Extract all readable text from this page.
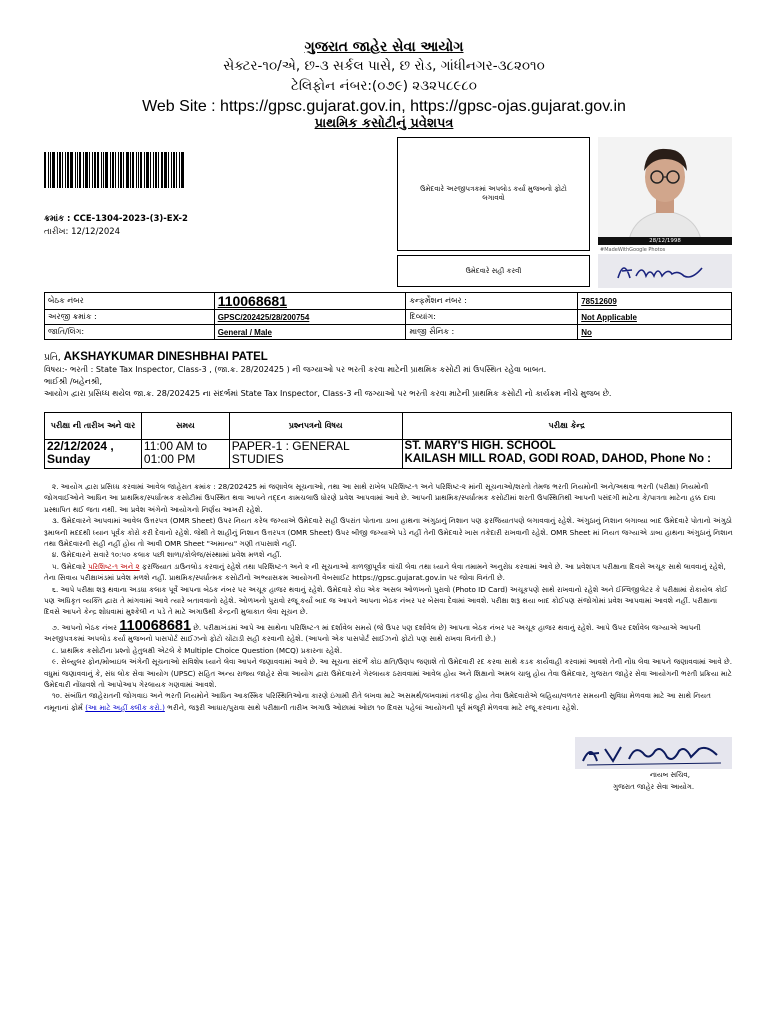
ગુજરાત જાહેર સેવા આયોગ
સેક્ટર-૧૦/એ, છ-૩ સર્કલ પાસે, છ રોડ, ગાંધીનગર-૩૮૨૦૧૦
ટેલિફોન નંબર:(૦૭૯) ૨૩૨૫૮૯૮૦
Web Site : https://gpsc.gujarat.gov.in, https://gpsc-ojas.gujarat.gov.in
પ્રાથમિક કસોટીનું પ્રવેશપત્ર
ક્રમાંક : CCE-1304-2023-(3)-EX-2
તારીખ: 12/12/2024
ઉમેદવારે અરજીપત્રકમાં અપલોડ કર્યા મુજબનો ફોટો લગાવવો
ઉમેદવારે સહી કરવી
28/12/1998
#MadeWithGoogle Photos
બેઠક નંબર	110068681	કન્ફર્મેશન નંબર :	78512609
અરજી ક્રમાંક :	GPSC/202425/28/200754	દિવ્યાંગ:	Not Applicable
જાતિ/લિંગ:	General / Male	માજી સૈનિક :	No
પ્રતિ, AKSHAYKUMAR DINESHBHAI PATEL
વિષય:- ભરતી : State Tax Inspector, Class-3 , (જા.ક્ર. 28/202425 ) ની જગ્યાઓ પર ભરતી કરવા માટેની પ્રાથમિક કસોટી માં ઉપસ્થિત રહેવા બાબત.
ભાઈશ્રી /બહેનશ્રી,
આયોગ દ્વારા પ્રસિધ્ધ થયેલ જા.ક્ર. 28/202425 ના સંદર્ભમાં State Tax Inspector, Class-3 ની જગ્યાઓ પર ભરતી કરવા માટેની પ્રાથમિક કસોટી નો કાર્યક્રમ નીચે મુજબ છે.
પરીક્ષા ની તારીખ અને વાર	સમય	પ્રશ્નપત્રનો વિષય	પરીક્ષા કેન્દ્ર
22/12/2024 , Sunday	11:00 AM to 01:00 PM	PAPER-1 : GENERAL STUDIES	ST. MARY'S HIGH. SCHOOL
KAILASH MILL ROAD, GODI ROAD, DAHOD, Phone No :

૨. આયોગ દ્વારા પ્રસિધ્ધ કરવામાં આવેલ જાહેરાત ક્રમાંક : 28/202425 માં જણાવેલ સૂચનાઓ, તથા આ સાથે રાખેલ પરિશિષ્ટ-૧ અને પરિશિષ્ટ-૨ માંની સૂચનાઓ/શરતો તેમજ ભરતી નિયમોની અને/અથવા ભરતી (પરીક્ષા) નિયમોની જોગવાઈઓને આધિન આ પ્રાથમિક/સ્પર્ધાત્મક કસોટીમાં ઉપસ્થિત થવા આપને તદ્દન કામચલાઉ ધોરણે પ્રવેશ આપવામાં આવે છે. આપની પ્રાથમિક/સ્પર્ધાત્મક કસોટીમાં શરતી ઉપસ્થિતિથી આપની પસંદગી માટેના કે/પાત્રતા માટેના હક્ક દાવા પ્રસ્થાપિત થઈ જતા નથી. આ પ્રવેશ અંગેનો આયોગનો નિર્ણય આખરી રહેશે.

૩. ઉમેદવારને આપવામાં આવેલ ઉત્તરપત્ર (OMR Sheet) ઉપર નિયત કરેલ જગ્યાએ ઉમેદવારે સહી ઉપરાંત પોતાના ડાબા હાથના અંગુઠાનું નિશાન પણ ફરજિયાતપણે લગાવવાનું રહેશે. અંગુઠાનું નિશાન લગાવ્યા બાદ ઉમેદવારે પોતાનો અંગુઠો રૂમાલની મદદથી ધ્યાન પૂર્વક કોરો કરી દેવાનો રહેશે. જેથી તે શાહીનું નિશાન ઉત્તરપત્ર (OMR Sheet) ઉપર બીજી જગ્યાએ પડે નહીં તેની ઉમેદવારે ખાસ તકેદારી રાખવાની રહેશે. OMR Sheet માં નિયત જગ્યાએ ડાબા હાથના અંગુઠાનું નિશાન તથા ઉમેદવારની સહી નહીં હોય તો આવી OMR Sheet "અમાન્ય" ગણી તપાસાશે નહીં.

૪. ઉમેદવારને સવારે ૧૦:૫૦ કલાક પછી શાળા/કોલેજ/સંસ્થામાં પ્રવેશ મળશે નહીં.

૫. ઉમેદવારે પરિશિષ્ટ-૧ અને ૨ ફરજિયાત ડાઉનલોડ કરવાનું રહેશે તથા પરિશિષ્ટ-૧ અને ૨ ની સૂચનાઓ કાળજીપૂર્વક વાંચી લેવા તથા ધ્યાને લેવા તમામને અનુરોધ કરવામાં આવે છે. આ પ્રવેશપત્ર પરીક્ષાના દિવસે અચૂક સાથે લાવવાનું રહેશે, તેના સિવાય પરીક્ષાખંડમાં પ્રવેશ મળશે નહીં. પ્રાથમિક/સ્પર્ધાત્મક કસોટીનો અભ્યાસક્રમ આયોગની વેબસાઈટ https://gpsc.gujarat.gov.in પર જોવા વિનંતી છે.

૬. આપે પરીક્ષા શરૂ થવાના અડધા કલાક પૂર્વે આપના બેઠક નંબર પર અચૂક હાજર થવાનું રહેશે. ઉમેદવારે કોઇ એક અસલ ઓળખનો પુરાવો (Photo ID Card) અચૂકપણે સાથે રાખવાનો રહેશે અને ઈન્વિજીલેટર કે પરીક્ષામાં રોકાયેલ કોઈ પણ અધિકૃત વ્યક્તિ દ્વારા તે માંગવામાં આવે ત્યારે બતાવવાનો રહેશે. ઓળખનો પુરાવો રજૂ કર્યા બાદ જ આપને આપના બેઠક નંબર પર બેસવા દેવામાં આવશે. પરીક્ષા શરૂ થયા બાદ કોઈપણ સંજોગોમાં પ્રવેશ આપવામાં આવશે નહીં. પરીક્ષાના દિવસે આપને કેન્દ્ર શોધવામાં મુશ્કેલી ન પડે તે માટે અગાઉથી કેન્દ્રની મુલાકાત લેવા સૂચન છે.

૭. આપનો બેઠક નંબર 110068681 છે. પરીક્ષાખંડમાં આપે આ સાથેના પરિશિષ્ટ-૧ માં દર્શાવેલ સમયે (જે ઉપર પણ દર્શાવેલ છે) આપના બેઠક નંબર પર અચૂક હાજર થવાનું રહેશે. આપે ઉપર દર્શાવેલ જગ્યાએ આપની અરજીપત્રકમાં અપલોડ કર્યા મુજબનો પાસપોર્ટ સાઈઝનો ફોટો ચોંટાડી સહી કરવાની રહેશે. (આપનો એક પાસપોર્ટ સાઈઝનો ફોટો પણ સાથે રાખવા વિનંતી છે.)

૮. પ્રાથમિક કસોટીના પ્રશ્નો હેતુલક્ષી એટલે કે Multiple Choice Question (MCQ) પ્રકારના રહેશે.

૯. સેલ્યુલર ફોન/મોબાઇલ અંગેની સૂચનાઓ સવિશેષ ધ્યાને લેવા આપને જણાવવામાં આવે છે. આ સૂચના સંદર્ભે કોઇ ક્ષતિ/ઉણપ જણાશે તો ઉમેદવારી રદ કરવા સાથે કડક કાર્યવાહી કરવામાં આવશે તેની નોંધ લેવા આપને જણાવવામાં આવે છે. વધુમાં જણાવવાનું કે, સંઘ લોક સેવા આયોગ (UPSC) સહિત અન્ય રાજ્ય જાહેર સેવા આયોગ દ્વારા ઉમેદવારને ગેરલાયક ઠરાવવામાં આવેલ હોય અને શિક્ષાનો અમલ ચાલુ હોય તેવા ઉમેદવાર, ગુજરાત જાહેર સેવા આયોગની ભરતી પ્રક્રિયા માટે ઉમેદવારી નોંધાવશે તો આપોઆપ ગેરલાયક ગણવામાં આવશે.

૧૦. સંબંધિત જાહેરાતની જોગવાઇ અને ભરતી નિયમોને આધિન આકસ્મિક પરિસ્થિતિઓના કારણે ઇંગામી રીતે લખવા માટે અસમર્થ/લખવામાં તકલીફ હોય તેવા ઉમેદવારોએ લહિયા/વળતર સમયની સુવિધા મેળવવા માટે આ સાથે નિયત નમૂનાનાં ફોર્મ (આ માટે અહીં ક્લીક કરો.) ભરીને, જરૂરી આધાર/પુરાવા સાથે પરીક્ષાની તારીખ અગાઉ ઓછામાં ઓછા ૧૦ દિવસ પહેલાં આયોગની પૂર્વ મંજૂરી મેળવવા માટે રજૂ કરવાના રહેશે.

નાયબ સચિવ,
ગુજરાત જાહેર સેવા આયોગ.
